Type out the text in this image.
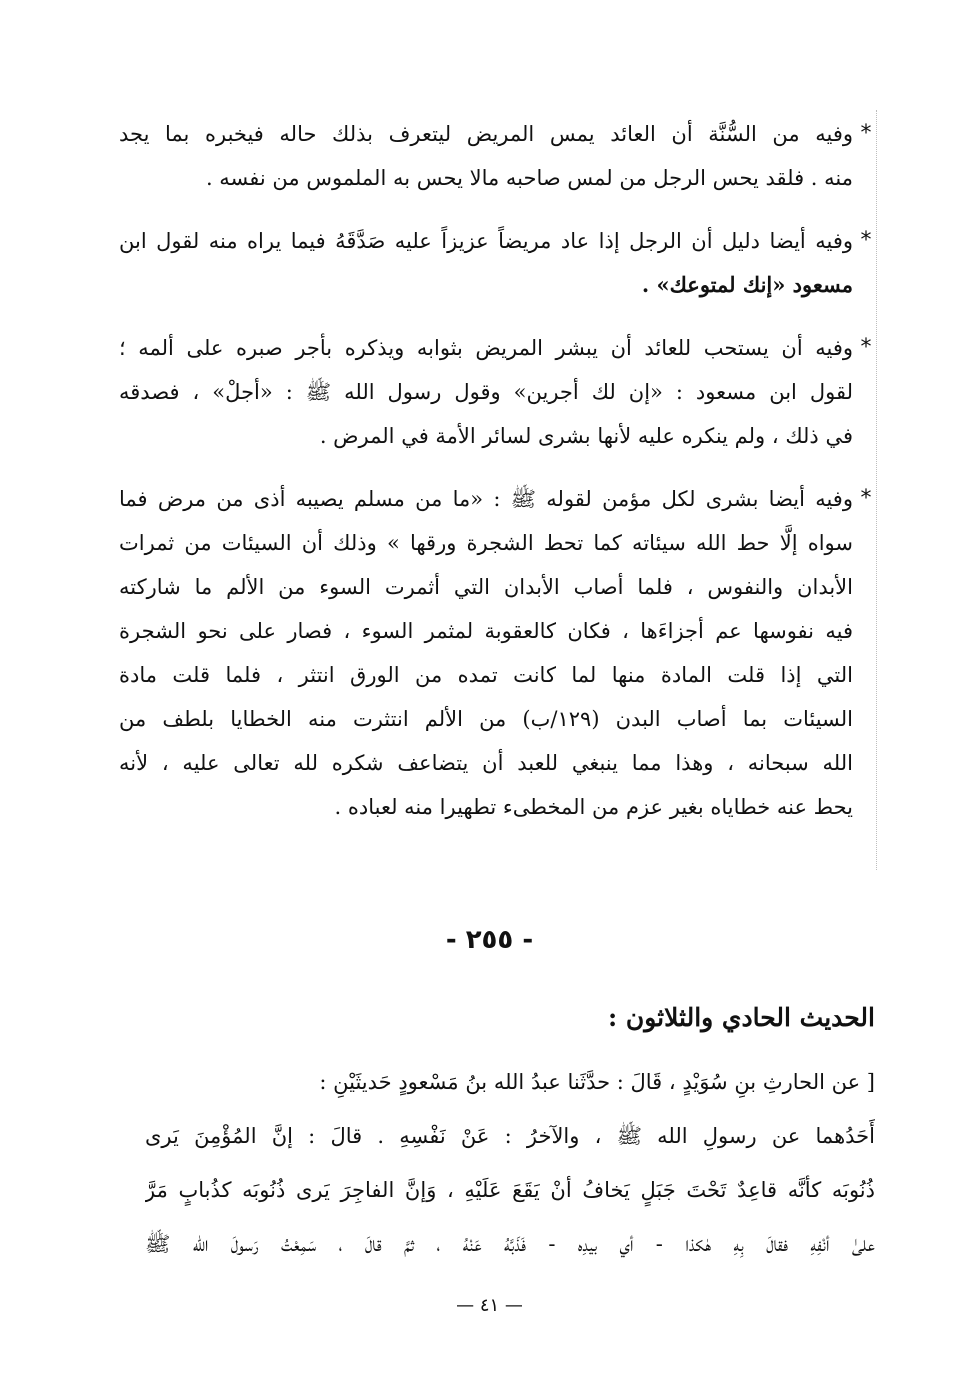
*
وفيه من السُّنَّة أن العائد يمس المريض ليتعرف بذلك حاله فيخبره بما يجد
منه . فلقد يحس الرجل من لمس صاحبه مالا يحس به الملموس من نفسه .
*
وفيه أيضا دليل أن الرجل إذا عاد مريضاً عزيزاً عليه صَدَّقَهُ فيما يراه منه لقول ابن
مسعود «إنك لمتوعك» .
*
وفيه أن يستحب للعائد أن يبشر المريض بثوابه ويذكره بأجر صبره على ألمه ؛
لقول ابن مسعود : «إن لك أجرين» وقول رسول الله ﷺ : «أجلْ» ، فصدقه
في ذلك ، ولم ينكره عليه لأنها بشرى لسائر الأمة في المرض .
*
وفيه أيضا بشرى لكل مؤمن لقوله ﷺ : «ما من مسلم يصيبه أذى من مرض فما
سواه إلَّا حط الله سيئاته كما تحط الشجرة ورقها » وذلك أن السيئات من ثمرات
الأبدان والنفوس ، فلما أصاب الأبدان التي أثمرت السوء من الألم ما شاركته
فيه نفوسها عم أجزاءَها ، فكان كالعقوبة لمثمر السوء ، فصار على نحو الشجرة
التي إذا قلت المادة منها لما كانت تمده من الورق انتثر ، فلما قلت مادة
السيئات بما أصاب البدن (١٢٩/ب) من الألم انتثرت منه الخطايا بلطف من
الله سبحانه ، وهذا مما ينبغي للعبد أن يتضاعف شكره لله تعالى عليه ، لأنه
يحط عنه خطاياه بغير عزم من المخطىء تطهيرا منه لعباده .
- ٢٥٥ -
الحديث الحادي والثلاثون :
[ عن الحارثِ بنِ سُوَيْدٍ ، قَالَ : حدَّثَنا عبدُ الله بنُ مَسْعودٍ حَديثَيْنِ :
أَحَدُهما عن رسولِ الله ﷺ ، والآخرُ : عَنْ نَفْسِهِ . قالَ : إنَّ المُؤْمِنَ يَرى
ذُنُوبَه كأنَّه قاعِدٌ تَحْتَ جَبَلٍ يَخافُ أنْ يَقَعَ عَلَيْهِ ، وَإنَّ الفاجِرَ يَرى ذُنُوبَه كذُبابٍ مَرَّ
علىٰ أنْفِهِ فقالَ بِهِ هٰكذا - أي بيدِه - فَذَبَّهُ عَنْهُ ، ثمَّ قالَ ، سَمِعْتُ رَسولَ الله ﷺ
— ٤١ —
